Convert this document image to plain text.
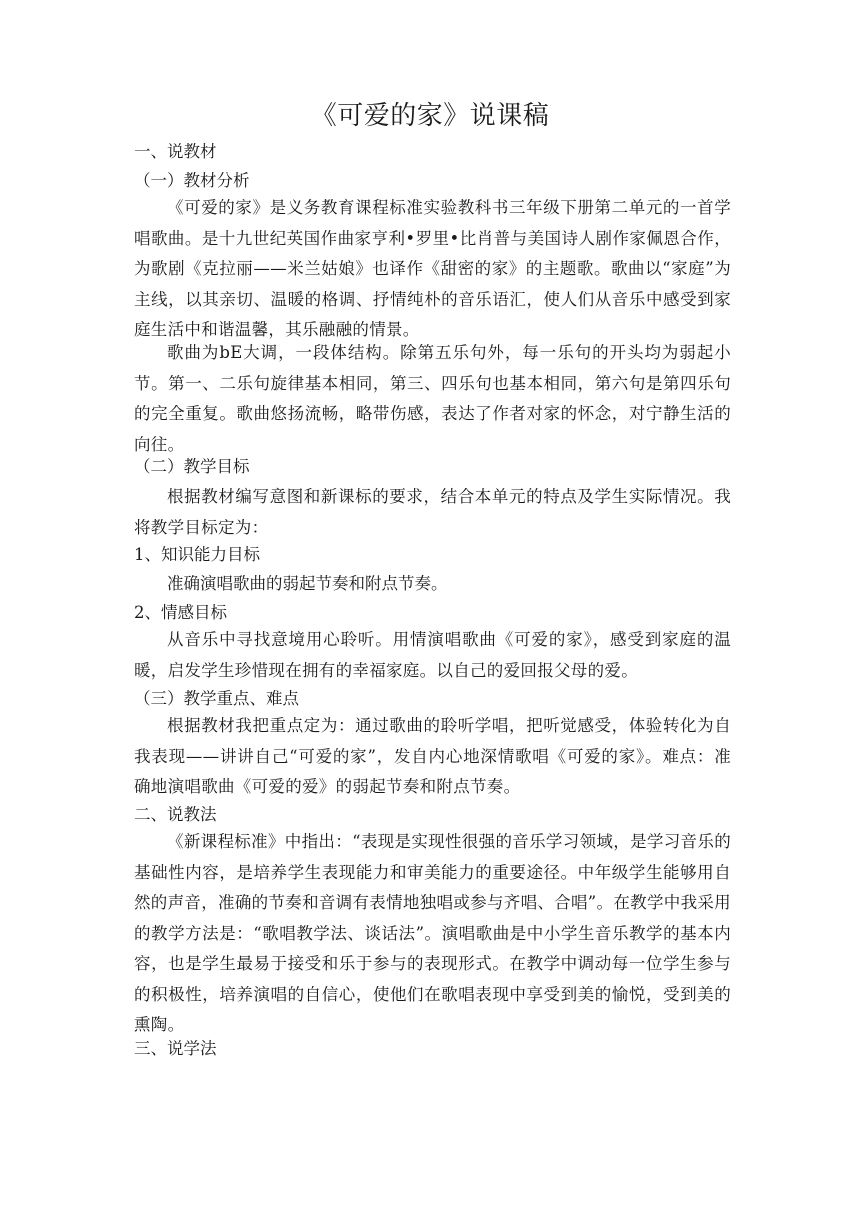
《可爱的家》说课稿
一、说教材
（一）教材分析
《可爱的家》是义务教育课程标准实验教科书三年级下册第二单元的一首学唱歌曲。是十九世纪英国作曲家亨利•罗里•比肖普与美国诗人剧作家佩恩合作，为歌剧《克拉丽——米兰姑娘》也译作《甜密的家》的主题歌。歌曲以“家庭”为主线，以其亲切、温暖的格调、抒情纯朴的音乐语汇，使人们从音乐中感受到家庭生活中和谐温馨，其乐融融的情景。
歌曲为bE大调，一段体结构。除第五乐句外，每一乐句的开头均为弱起小节。第一、二乐句旋律基本相同，第三、四乐句也基本相同，第六句是第四乐句的完全重复。歌曲悠扬流畅，略带伤感，表达了作者对家的怀念，对宁静生活的向往。
（二）教学目标
根据教材编写意图和新课标的要求，结合本单元的特点及学生实际情况。我将教学目标定为：
1、知识能力目标
准确演唱歌曲的弱起节奏和附点节奏。
2、情感目标
从音乐中寻找意境用心聆听。用情演唱歌曲《可爱的家》，感受到家庭的温暖，启发学生珍惜现在拥有的幸福家庭。以自己的爱回报父母的爱。
（三）教学重点、难点
根据教材我把重点定为：通过歌曲的聆听学唱，把听觉感受，体验转化为自我表现——讲讲自己“可爱的家”，发自内心地深情歌唱《可爱的家》。难点：准确地演唱歌曲《可爱的爱》的弱起节奏和附点节奏。
二、说教法
《新课程标准》中指出：“表现是实现性很强的音乐学习领域，是学习音乐的基础性内容，是培养学生表现能力和审美能力的重要途径。中年级学生能够用自然的声音，准确的节奏和音调有表情地独唱或参与齐唱、合唱”。在教学中我采用的教学方法是：“歌唱教学法、谈话法”。演唱歌曲是中小学生音乐教学的基本内容，也是学生最易于接受和乐于参与的表现形式。在教学中调动每一位学生参与的积极性，培养演唱的自信心，使他们在歌唱表现中享受到美的愉悦，受到美的熏陶。
三、说学法
